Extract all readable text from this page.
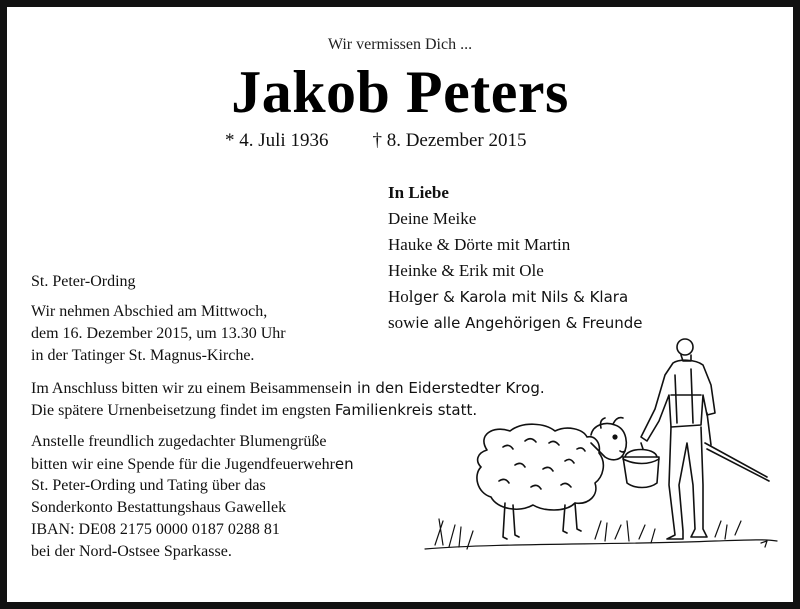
Wir vermissen Dich ...
Jakob Peters
* 4. Juli 1936 † 8. Dezember 2015
In Liebe
Deine Meike
Hauke & Dörte mit Martin
Heinke & Erik mit Ole
Holger & Karola mit Nils & Klara
sowie alle Angehörigen & Freunde
St. Peter-Ording
Wir nehmen Abschied am Mittwoch,
dem 16. Dezember 2015, um 13.30 Uhr
in der Tatinger St. Magnus-Kirche.
Im Anschluss bitten wir zu einem Beisammensein in den Eiderstedter Krog.
Die spätere Urnenbeisetzung findet im engsten Familienkreis statt.
Anstelle freundlich zugedachter Blumengrüße
bitten wir eine Spende für die Jugendfeuerwehren
St. Peter-Ording und Tating über das
Sonderkonto Bestattungshaus Gawellek
IBAN: DE08 2175 0000 0187 0288 81
bei der Nord-Ostsee Sparkasse.
